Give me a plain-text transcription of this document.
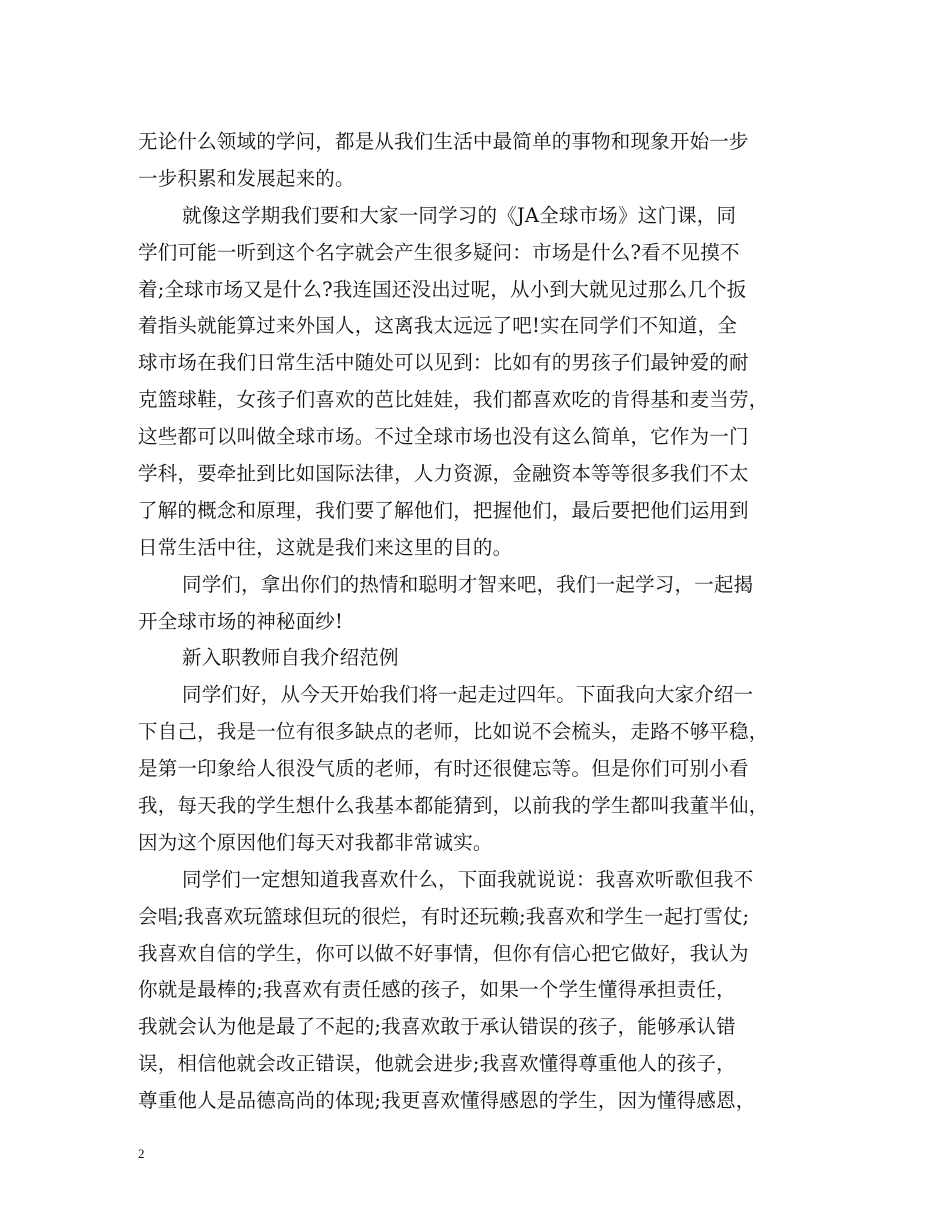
无论什么领域的学问，都是从我们生活中最简单的事物和现象开始一步
一步积累和发展起来的。
就像这学期我们要和大家一同学习的《JA全球市场》这门课，同
学们可能一听到这个名字就会产生很多疑问：市场是什么?看不见摸不
着;全球市场又是什么?我连国还没出过呢，从小到大就见过那么几个扳
着指头就能算过来外国人，这离我太远远了吧!实在同学们不知道，全
球市场在我们日常生活中随处可以见到：比如有的男孩子们最钟爱的耐
克篮球鞋，女孩子们喜欢的芭比娃娃，我们都喜欢吃的肯得基和麦当劳，
这些都可以叫做全球市场。不过全球市场也没有这么简单，它作为一门
学科，要牵扯到比如国际法律，人力资源，金融资本等等很多我们不太
了解的概念和原理，我们要了解他们，把握他们，最后要把他们运用到
日常生活中往，这就是我们来这里的目的。
同学们，拿出你们的热情和聪明才智来吧，我们一起学习，一起揭
开全球市场的神秘面纱!
新入职教师自我介绍范例
同学们好，从今天开始我们将一起走过四年。下面我向大家介绍一
下自己，我是一位有很多缺点的老师，比如说不会梳头，走路不够平稳，
是第一印象给人很没气质的老师，有时还很健忘等。但是你们可别小看
我，每天我的学生想什么我基本都能猜到，以前我的学生都叫我董半仙，
因为这个原因他们每天对我都非常诚实。
同学们一定想知道我喜欢什么，下面我就说说：我喜欢听歌但我不
会唱;我喜欢玩篮球但玩的很烂，有时还玩赖;我喜欢和学生一起打雪仗;
我喜欢自信的学生，你可以做不好事情，但你有信心把它做好，我认为
你就是最棒的;我喜欢有责任感的孩子，如果一个学生懂得承担责任，
我就会认为他是最了不起的;我喜欢敢于承认错误的孩子，能够承认错
误，相信他就会改正错误，他就会进步;我喜欢懂得尊重他人的孩子，
尊重他人是品德高尚的体现;我更喜欢懂得感恩的学生，因为懂得感恩，
2
